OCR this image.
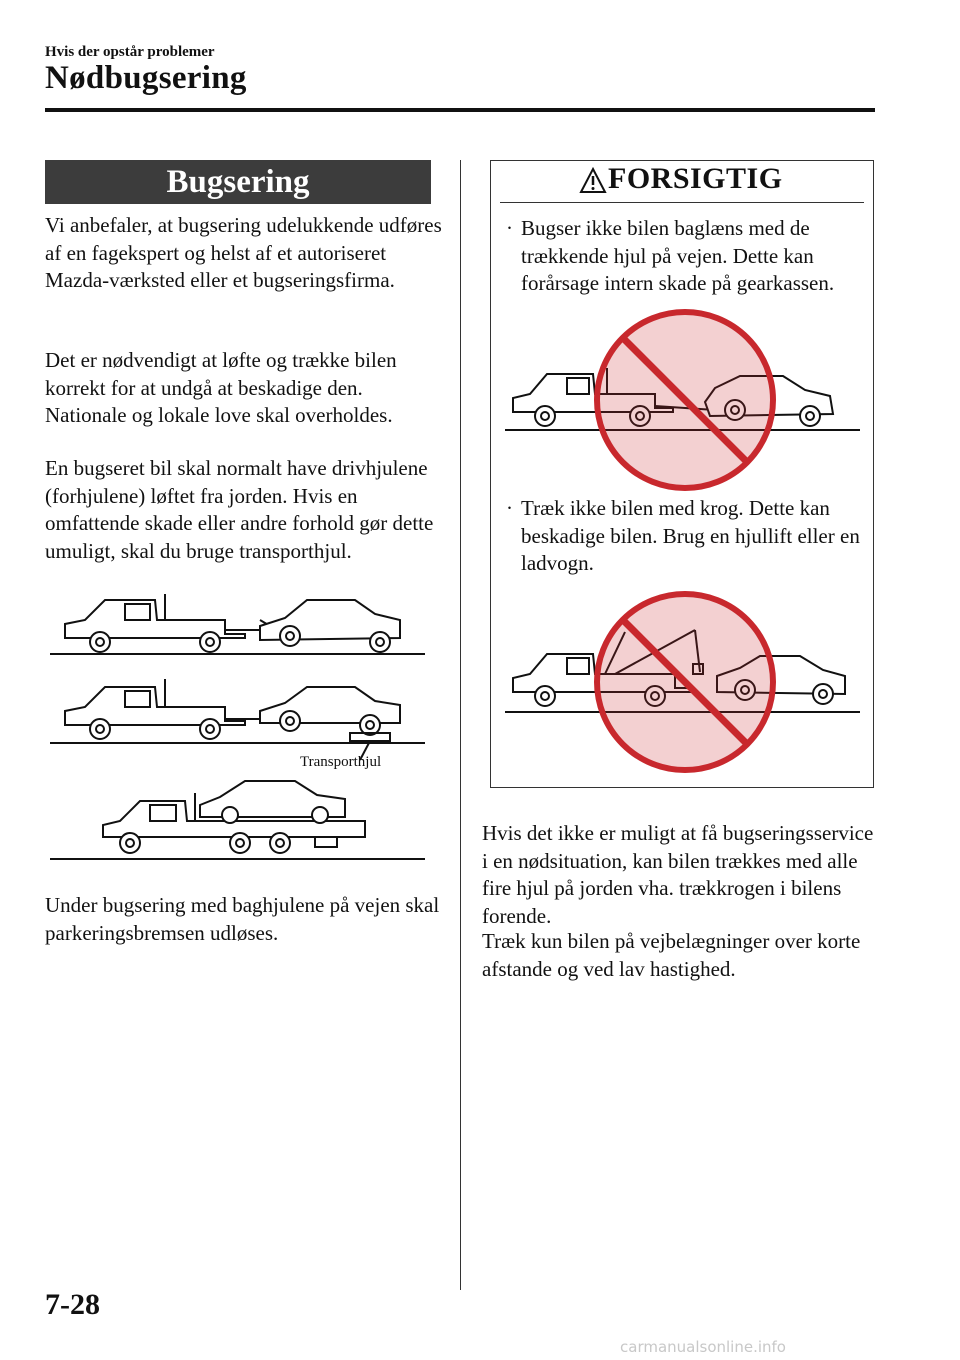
Hvis der opstår problemer
Nødbugsering
Bugsering
Vi anbefaler, at bugsering udelukkende udføres af en fagekspert og helst af et autoriseret Mazda-værksted eller et bugseringsfirma.
Det er nødvendigt at løfte og trække bilen korrekt for at undgå at beskadige den. Nationale og lokale love skal overholdes.
En bugseret bil skal normalt have drivhjulene (forhjulene) løftet fra jorden. Hvis en omfattende skade eller andre forhold gør dette umuligt, skal du bruge transporthjul.
Transporthjul
Under bugsering med baghjulene på vejen skal parkeringsbremsen udløses.
FORSIGTIG
· Bugser ikke bilen baglæns med de trækkende hjul på vejen. Dette kan forårsage intern skade på gearkassen.
· Træk ikke bilen med krog. Dette kan beskadige bilen. Brug en hjullift eller en ladvogn.
Hvis det ikke er muligt at få bugseringsservice i en nødsituation, kan bilen trækkes med alle fire hjul på jorden vha. trækkrogen i bilens forende.
Træk kun bilen på vejbelægninger over korte afstande og ved lav hastighed.
7-28
carmanualsonline.info
